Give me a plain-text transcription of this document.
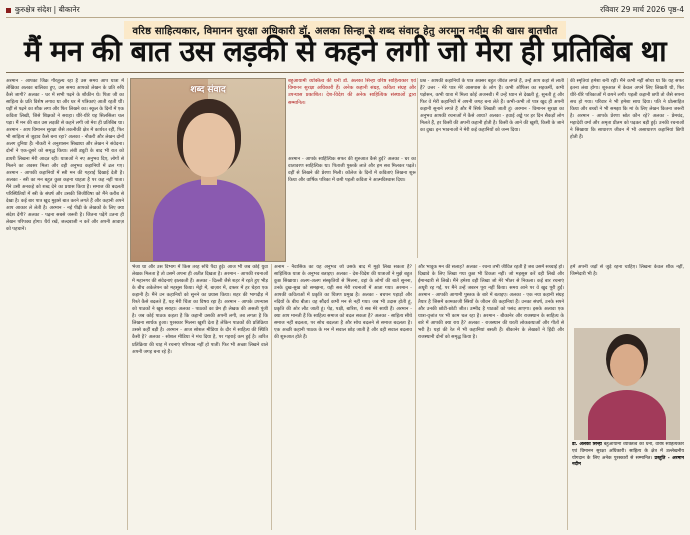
कुरुक्षेत्र संदेश | बीकानेर	रविवार 29 मार्च 2026 पृष्ठ-4
वरिष्ठ साहित्यकार, विमानन सुरक्षा अधिकारी डॉ. अलका सिन्हा से शब्द संवाद हेतु अरमान नदीम की खास बातचीत
मैं मन की बात उस लड़की से कहने लगी जो मेरा ही प्रतिबिंब था
अरमान - आपका जिक्र गौरतुल्य रहा है उस समय आप यात्रा में लेखिका अलका बालिका हुए, उस समय आपको लेखन के प्रति रुचि कैसे जागी? अलका - घर में सभी पढ़ने के शौकीन थे। पिता जी का साहित्य के प्रति विशेष लगाव था और घर में पत्रिकाएं आती रहती थीं। यहीं से पढ़ने का शौक लगा और फिर लिखने का। स्कूल के दिनों में एक कविता लिखी, जिसे शिक्षकों ने सराहा। धीरे-धीरे यह सिलसिला चल पड़ा। मैं मन की बात उस लड़की से कहने लगी जो मेरा ही प्रतिबिंब था। अरमान - आप विमानन सुरक्षा जैसे तकनीकी क्षेत्र में कार्यरत रहीं, फिर भी साहित्य से जुड़ाव कैसे बना रहा? अलका - नौकरी और लेखन दोनों अलग दुनिया हैं। नौकरी ने अनुशासन सिखाया और लेखन ने संवेदना। दोनों ने एक-दूसरे को समृद्ध किया। लंबी ड्यूटी के बाद भी रात को डायरी लिखना मेरी आदत रही। यात्राओं ने नए अनुभव दिए, लोगों से मिलने का अवसर मिला और वही अनुभव कहानियों में ढल गए। अरमान - आपकी कहानियों में स्त्री मन की गहराई दिखाई देती है। अलका - स्त्री का मन बहुत कुछ कहना चाहता है पर कह नहीं पाता। मैंने उसी अनकहे को शब्द देने का प्रयास किया है। समाज की बदलती परिस्थितियों में स्त्री के संघर्ष और उसकी जिजीविषा को मैंने करीब से देखा है। कई बार पात्र खुद मुझसे बात करने लगते हैं और कहानी अपने आप आकार ले लेती है। अरमान - नई पीढ़ी के लेखकों के लिए क्या संदेश देंगी? अलका - पढ़ना सबसे जरूरी है। जितना पढ़ेंगे उतना ही लेखन परिपक्व होगा। धैर्य रखें, जल्दबाजी न करें और अपनी आवाज़ को पहचानें।
शब्द संवाद
बहुआयामी व्यक्तित्व की धनी डॉ. अलका सिन्हा वरिष्ठ साहित्यकार एवं विमानन सुरक्षा अधिकारी हैं। अनेक कहानी संग्रह, कविता संग्रह और उपन्यास प्रकाशित। देश-विदेश की अनेक साहित्यिक संस्थाओं द्वारा सम्मानित।
अरमान - आपके साहित्यिक सफर की शुरुआत कैसे हुई? अलका - घर का वातावरण साहित्यिक था। पिताजी पुस्तकें लाते और हम सब मिलकर पढ़ते। वहीं से लिखने की प्रेरणा मिली। कॉलेज के दिनों में कविताएं लिखना शुरू किया और वार्षिक पत्रिका में छपी पहली कविता ने आत्मविश्वास दिया।
प्रश्न - आपकी कहानियों के पात्र अक्सर बहुत जीवंत लगते हैं, उन्हें आप कहां से लाती हैं? उत्तर - मेरे पात्र मेरे आसपास के लोग हैं। कभी ऑफिस का सहकर्मी, कभी पड़ोसन, कभी यात्रा में मिला कोई अजनबी। मैं उन्हें ध्यान से देखती हूं, सुनती हूं और फिर वे मेरी कहानियों में अपनी जगह बना लेते हैं। कभी-कभी तो पात्र खुद ही अपनी कहानी सुनाने लगते हैं और मैं सिर्फ लिखती जाती हूं। अरमान - विमानन सुरक्षा का अनुभव आपकी रचनाओं में कैसे आया? अलका - हवाई अड्डे पर हर दिन सैकड़ों लोग मिलते हैं, हर किसी की अपनी कहानी होती है। किसी के आने की खुशी, किसी के जाने का दुख। इन भावनाओं ने मेरी कई कहानियों को जन्म दिया।
की स्मृतियां हमेशा बनी रहीं। मैंने कभी नहीं सोचा था कि यह सफर इतना लंबा होगा। शुरुआत में केवल अपने लिए लिखती थी, फिर धीरे-धीरे पत्रिकाओं में छपने लगी। पहली कहानी छपी तो जैसे सपना सच हो गया। परिवार ने भी हमेशा साथ दिया। पति ने प्रोत्साहित किया और बच्चों ने भी समझा कि मां के लिए लेखन कितना जरूरी है। अरमान - आपके प्रेरणा स्रोत कौन रहे? अलका - प्रेमचंद, महादेवी वर्मा और अमृता प्रीतम को पढ़कर बड़ी हुई। उनकी रचनाओं ने सिखाया कि साधारण जीवन में भी असाधारण कहानियां छिपी होती हैं।
भेजा था और उस विभाग में किस तरह रुचि पैदा हुई। आज भी जब कोई युवा लेखक मिलता है तो उसमें अपना ही अतीत दिखता है। अरमान - आपकी रचनाओं में महानगर की संवेदनाएं झलकती हैं। अलका - दिल्ली जैसे शहर में रहते हुए भीड़ के बीच अकेलेपन को महसूस किया। मेट्रो में, बाज़ार में, दफ्तर में हर चेहरा एक कहानी है। मैंने उन कहानियों को सुनने का प्रयास किया। शहर की भागदौड़ में रिश्ते कैसे बदलते हैं, यह मेरी चिंता का विषय रहा है। अरमान - आपके उपन्यास को पाठकों ने खूब सराहा। अलका - पाठकों का प्रेम ही लेखक की असली पूंजी है। जब कोई पाठक कहता है कि कहानी उसकी अपनी लगी, तब लगता है कि लिखना सार्थक हुआ। पुरस्कार मिलना खुशी देता है लेकिन पाठकों की प्रतिक्रिया उससे कहीं बड़ी है। अरमान - आज सोशल मीडिया के दौर में साहित्य की स्थिति कैसी है? अलका - सोशल मीडिया ने मंच दिया है, पर गहराई कम हुई है। त्वरित प्रतिक्रिया की चाह में रचनाएं परिपक्व नहीं हो पातीं। फिर भी अच्छा लिखने वाले अपनी जगह बना रहे हैं।
अनाम - नैवासिक का यह अनुभव जो उसके बाद में मुझे लिख सकता है? साहित्यिक यात्रा के अनुभव बताइए। अलका - देश-विदेश की यात्राओं ने मुझे बहुत कुछ सिखाया। अलग-अलग संस्कृतियों से मिलना, वहां के लोगों की बातें सुनना, उनके दुख-सुख को समझना, यही सब मेरी रचनाओं में आता गया। अरमान - आपकी कविताओं में प्रकृति का चित्रण प्रमुख है। अलका - बचपन पहाड़ों और नदियों के बीच बीता। वह सौंदर्य कभी मन से नहीं गया। जब भी उदास होती हूं, प्रकृति की ओर लौट जाती हूं। पेड़, पक्षी, बारिश, ये सब मेरे साथी हैं। अरमान - क्या आप मानती हैं कि साहित्य समाज को बदल सकता है? अलका - साहित्य सीधे समाज नहीं बदलता, पर सोच बदलता है और सोच बदलने से समाज बदलता है। एक अच्छी कहानी पाठक के मन में सवाल छोड़ जाती है और वही सवाल बदलाव की शुरुआत होते हैं।
और भावुक मन की सलाह? अलका - रचना तभी जीवित रहती है जब उसमें सच्चाई हो। दिखावे के लिए लिखा गया कुछ भी टिकता नहीं। जो महसूस करें वही लिखें और ईमानदारी से लिखें। मैंने हमेशा वही लिखा जो मेरे भीतर से निकला। कई बार रचनाएं अधूरी रह गईं, पर मैंने उन्हें जबरन पूरा नहीं किया। समय आने पर वे खुद पूरी हुईं। अरमान - आपकी आगामी पुस्तक के बारे में बताइए। अलका - एक नया कहानी संग्रह तैयार है जिसमें कामकाजी स्त्रियों के जीवन की कहानियां हैं। उनका संघर्ष, उनके सपने और उनकी छोटी-छोटी जीत। उम्मीद है पाठकों को पसंद आएगा। इसके अलावा एक यात्रा-वृत्तांत पर भी काम चल रहा है। अरमान - बीकानेर और राजस्थान के साहित्य के बारे में आपकी क्या राय है? अलका - राजस्थान की धरती लोककथाओं और गीतों से भरी है। यहां की रेत में भी कहानियां बसती हैं। बीकानेर के लेखकों ने हिंदी और राजस्थानी दोनों को समृद्ध किया है।
हमें अपनी जड़ों से जुड़े रहना चाहिए। लिखना केवल शौक नहीं, जिम्मेदारी भी है।
डॉ. अलका सिन्हा बहुआयामी व्यक्तित्व की धनी, वरिष्ठ साहित्यकार एवं विमानन सुरक्षा अधिकारी। साहित्य के क्षेत्र में उल्लेखनीय योगदान के लिए अनेक पुरस्कारों से सम्मानित। प्रस्तुति - अरमान नदीम
